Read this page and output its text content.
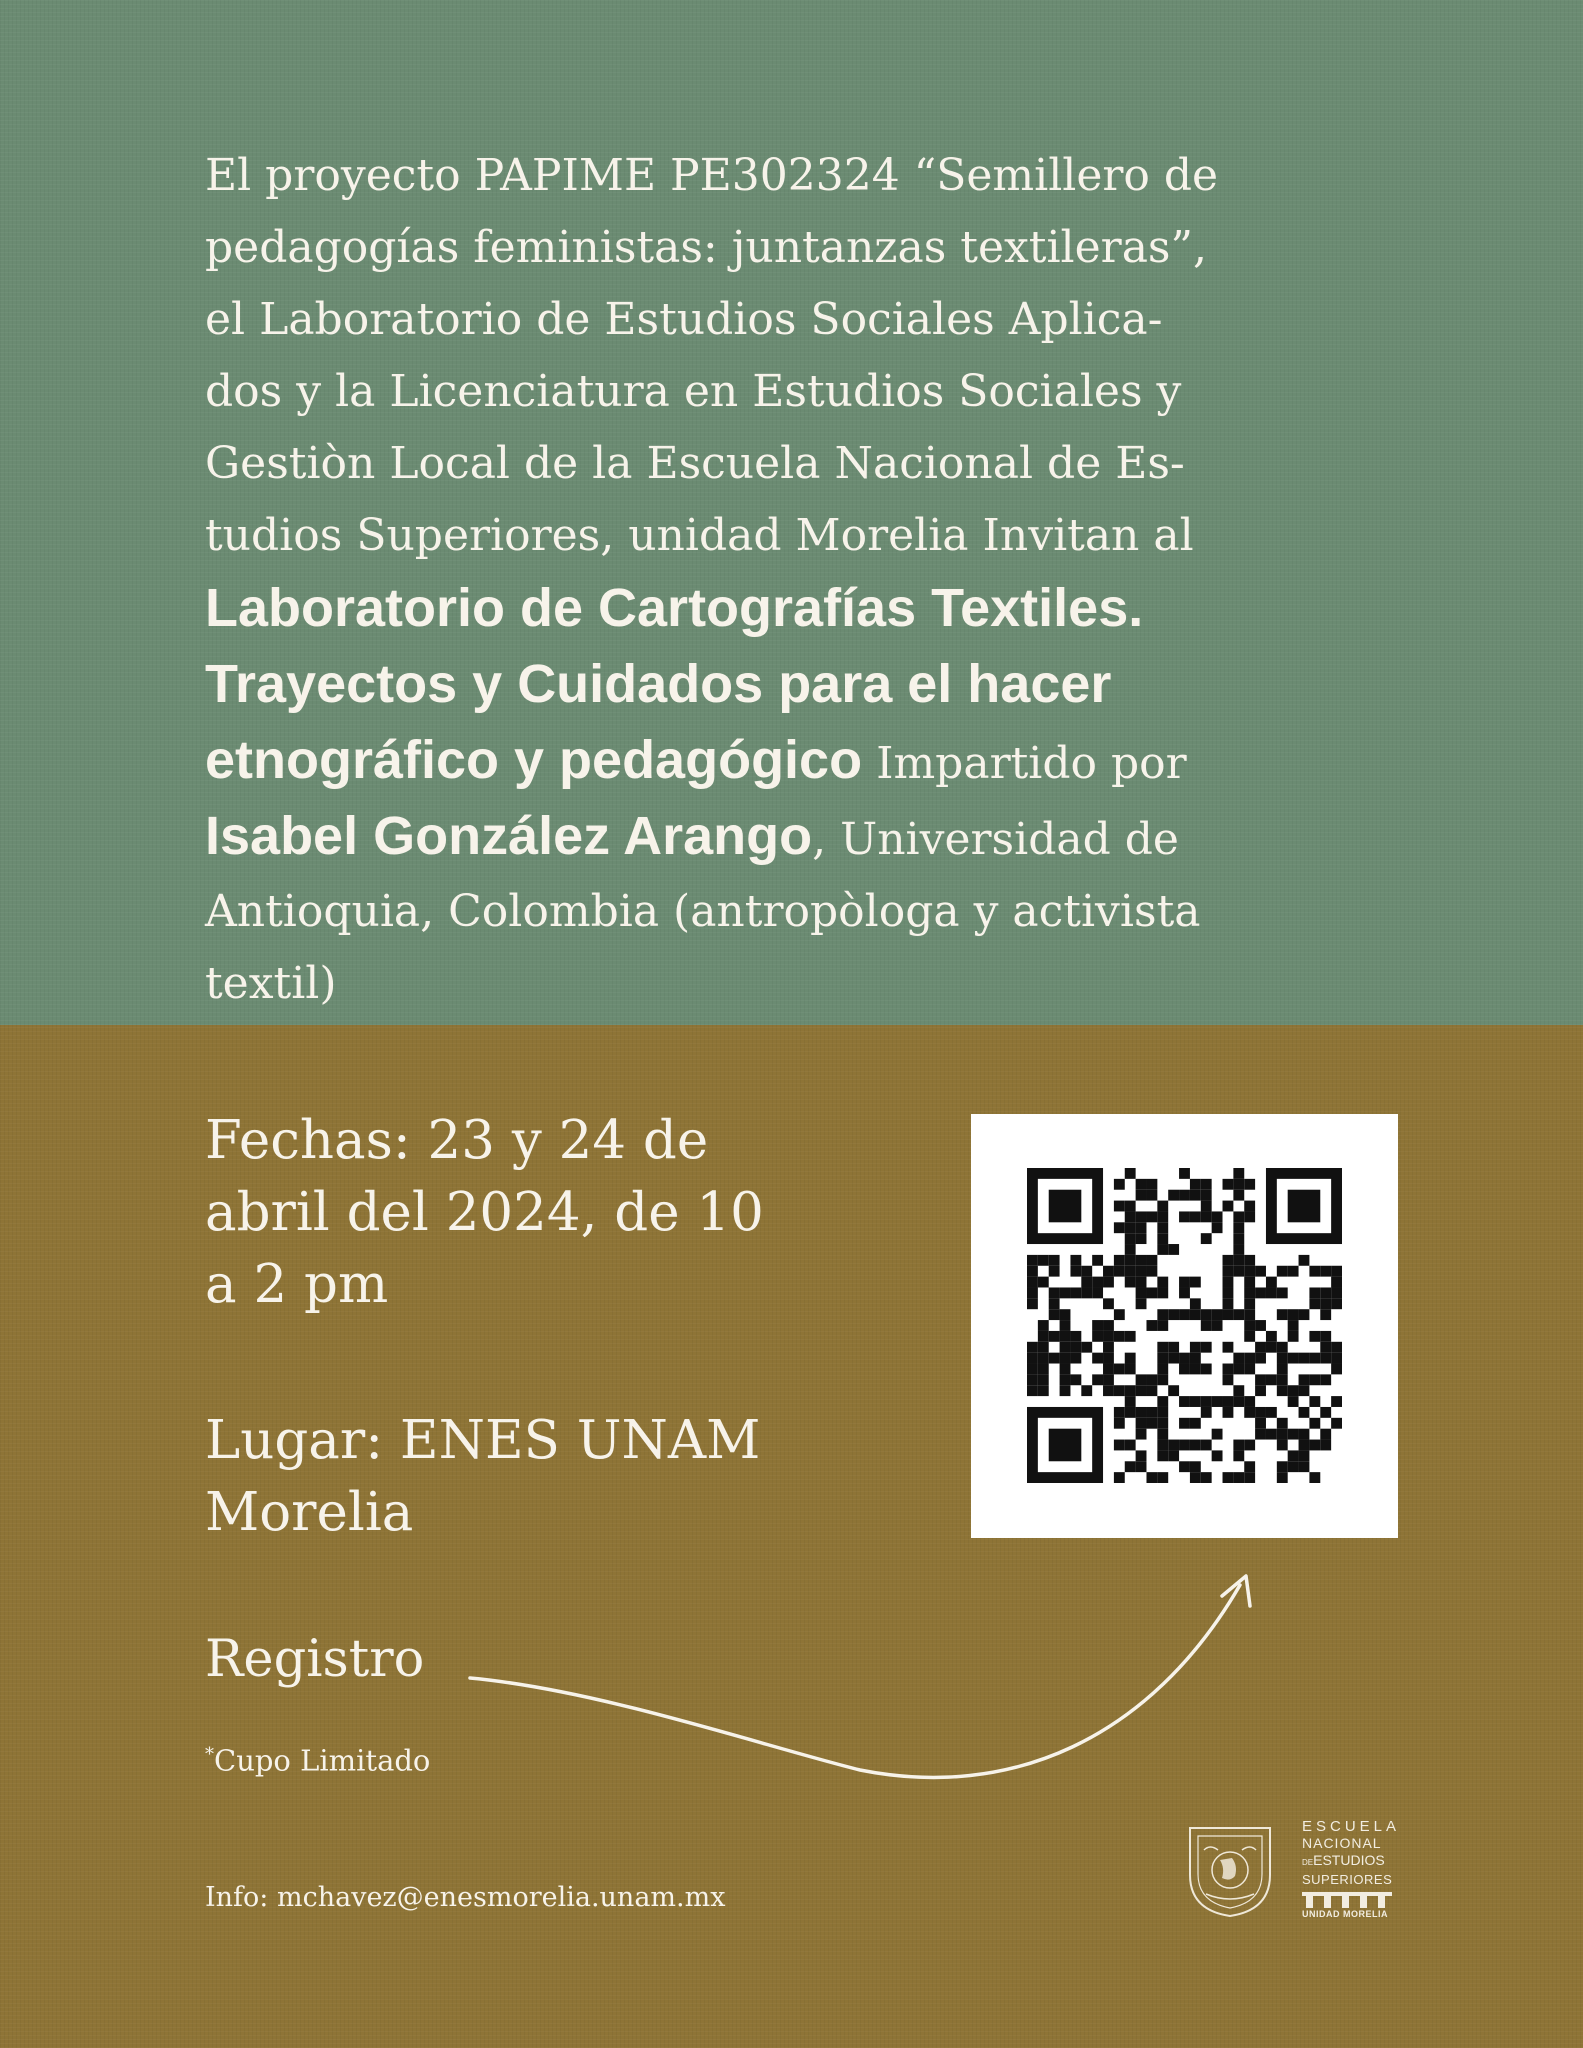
El proyecto PAPIME PE302324 “Semillero de
pedagogías feministas: juntanzas textileras”,
el Laboratorio de Estudios Sociales Aplica-
dos y la Licenciatura en Estudios Sociales y
Gestiòn Local de la Escuela Nacional de Es-
tudios Superiores, unidad Morelia Invitan al
Laboratorio de Cartografías Textiles.
Trayectos y Cuidados para el hacer
etnográfico y pedagógico Impartido por
Isabel González Arango, Universidad de
Antioquia, Colombia (antropòloga y activista
textil)

Fechas: 23 y 24 de
abril del 2024, de 10
a 2 pm

Lugar: ENES UNAM
Morelia

Registro
*Cupo Limitado
Info: mchavez@enesmorelia.unam.mx
ESCUELA
NACIONAL
DEESTUDIOS
SUPERIORES
UNIDAD MORELIA
